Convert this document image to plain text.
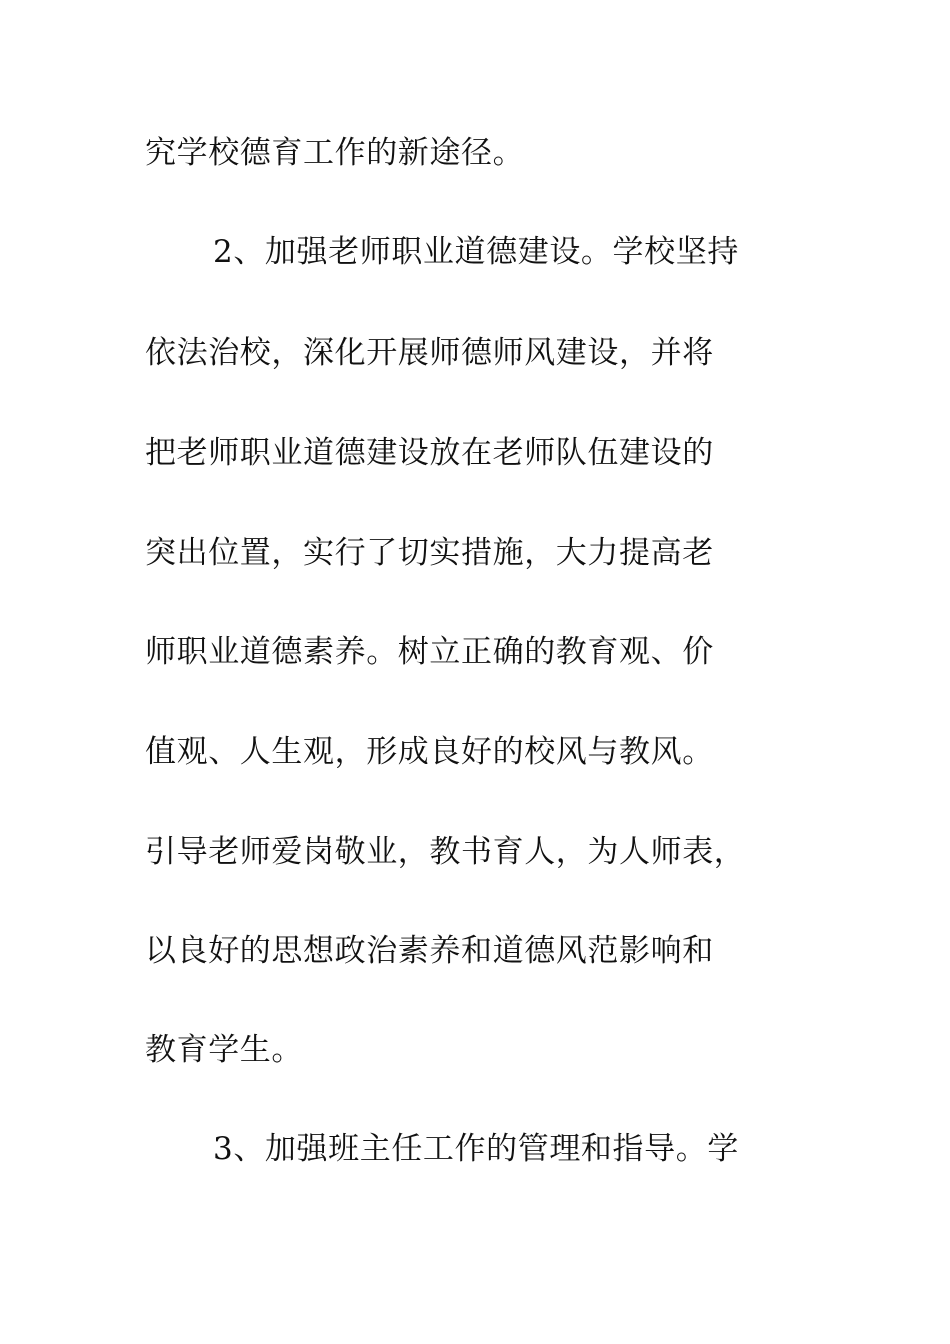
究学校德育工作的新途径。
2、加强老师职业道德建设。学校坚持
依法治校，深化开展师德师风建设，并将
把老师职业道德建设放在老师队伍建设的
突出位置，实行了切实措施，大力提高老
师职业道德素养。树立正确的教育观、价
值观、人生观，形成良好的校风与教风。
引导老师爱岗敬业，教书育人，为人师表，
以良好的思想政治素养和道德风范影响和
教育学生。
3、加强班主任工作的管理和指导。学
